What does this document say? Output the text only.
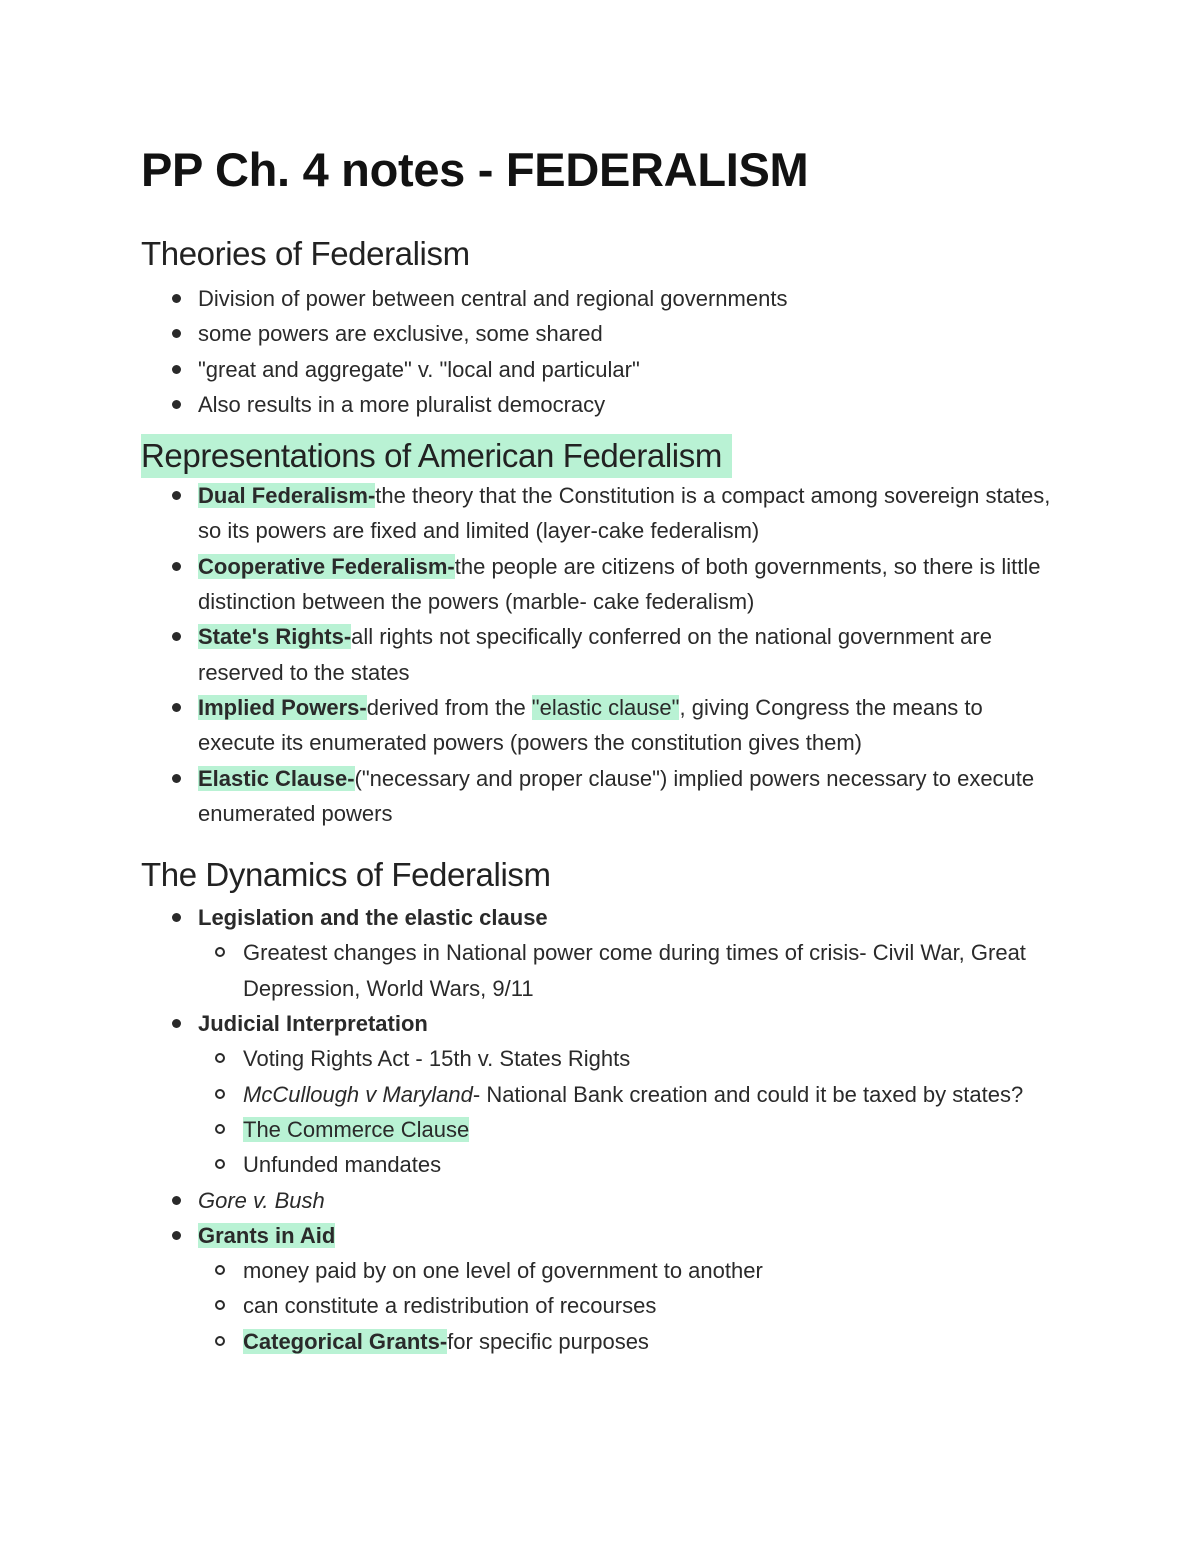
PP Ch. 4 notes - FEDERALISM
Theories of Federalism
Division of power between central and regional governments
some powers are exclusive, some shared
"great and aggregate" v. "local and particular"
Also results in a more pluralist democracy
Representations of American Federalism
Dual Federalism-the theory that the Constitution is a compact among sovereign states, so its powers are fixed and limited (layer-cake federalism)
Cooperative Federalism-the people are citizens of both governments, so there is little distinction between the powers (marble- cake federalism)
State's Rights-all rights not specifically conferred on the national government are reserved to the states
Implied Powers-derived from the "elastic clause", giving Congress the means to execute its enumerated powers (powers the constitution gives them)
Elastic Clause-("necessary and proper clause") implied powers necessary to execute enumerated powers
The Dynamics of Federalism
Legislation and the elastic clause
Greatest changes in National power come during times of crisis- Civil War, Great Depression, World Wars, 9/11
Judicial Interpretation
Voting Rights Act - 15th v. States Rights
McCullough v Maryland- National Bank creation and could it be taxed by states?
The Commerce Clause
Unfunded mandates
Gore v. Bush
Grants in Aid
money paid by on one level of government to another
can constitute a redistribution of recourses
Categorical Grants-for specific purposes
